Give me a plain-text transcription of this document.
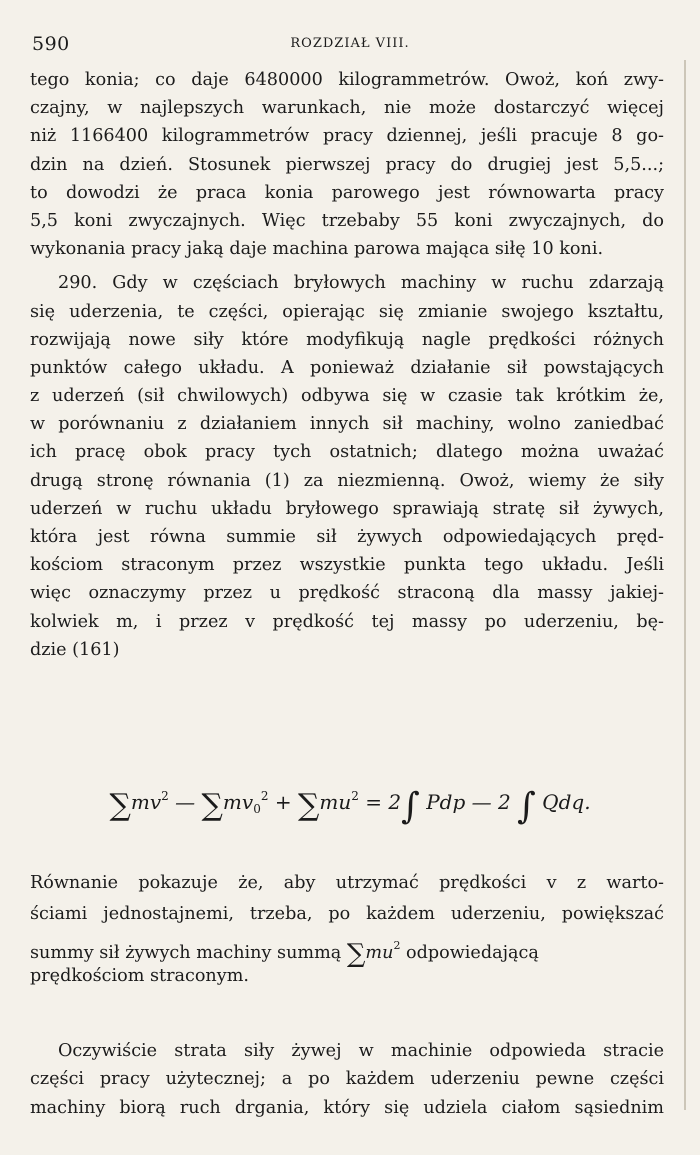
590	ROZDZIAŁ VIII.
tego konia; co daje 6480000 kilogrammetrów. Owoż, koń zwy-
czajny, w najlepszych warunkach, nie może dostarczyć więcej
niż 1166400 kilogrammetrów pracy dziennej, jeśli pracuje 8 go-
dzin na dzień. Stosunek pierwszej pracy do drugiej jest 5,5...;
to dowodzi że praca konia parowego jest równowarta pracy
5,5 koni zwyczajnych. Więc trzebaby 55 koni zwyczajnych, do
wykonania pracy jaką daje machina parowa mająca siłę 10 koni.
290. Gdy w częściach bryłowych machiny w ruchu zdarzają
się uderzenia, te części, opierając się zmianie swojego kształtu,
rozwijają nowe siły które modyfikują nagle prędkości różnych
punktów całego układu. A ponieważ działanie sił powstających
z uderzeń (sił chwilowych) odbywa się w czasie tak krótkim że,
w porównaniu z działaniem innych sił machiny, wolno zaniedbać
ich pracę obok pracy tych ostatnich; dlatego można uważać
drugą stronę równania (1) za niezmienną. Owoż, wiemy że siły
uderzeń w ruchu układu bryłowego sprawiają stratę sił żywych,
która jest równa summie sił żywych odpowiedających pręd-
kościom straconym przez wszystkie punkta tego układu. Jeśli
więc oznaczymy przez u prędkość straconą dla massy jakiej-
kolwiek m, i przez v prędkość tej massy po uderzeniu, bę-
dzie (161)
$\sum mv^2$ — $\sum mv_0^2 + \sum mu^2 = 2\int$ Pdp — 2 ∫ Qdq.
Równanie pokazuje że, aby utrzymać prędkości v z warto-
ściami jednostajnemi, trzeba, po każdem uderzeniu, powiększać
summy sił żywych machiny summą $\sum mu^2$ odpowiedającą
prędkościom straconym.
Oczywiście strata siły żywej w machinie odpowieda stracie
części pracy użytecznej; a po każdem uderzeniu pewne części
machiny biorą ruch drgania, który się udziela ciałom sąsiednim
